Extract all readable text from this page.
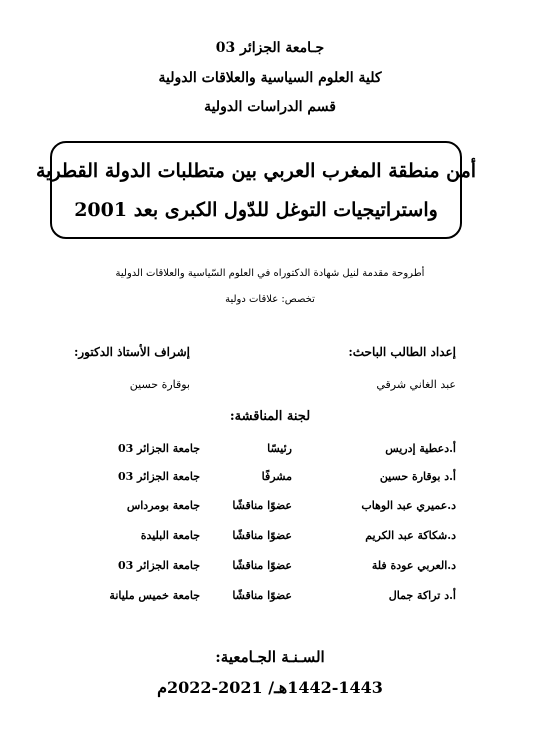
جـامعة الجزائر 03
كلية العلوم السياسية والعلاقات الدولية
قسم الدراسات الدولية
أمن منطقة المغرب العربي بين متطلبات الدولة القطرية
واستراتيجيات التوغل للدّول الكبرى بعد 2001
أطروحة مقدمة لنيل شهادة الدكتوراه في العلوم السّياسية والعلاقات الدولية
تخصص: علاقات دولية
إعداد الطالب الباحث:
إشراف الأستاذ الدكتور:
عبد الغاني شرقي
بوقارة حسين
لجنة المناقشة:
أ.دعطية إدريس
رئيسًا
جامعة الجزائر 03
أ.د بوقارة حسين
مشرفًا
جامعة الجزائر 03
د.عميري عبد الوهاب
عضوًا مناقشًا
جامعة بومرداس
د.شكاكة عبد الكريم
عضوًا مناقشًا
جامعة البليدة
د.العربي عودة فلة
عضوًا مناقشًا
جامعة الجزائر 03
أ.د تراكة جمال
عضوًا مناقشًا
جامعة خميس مليانة
السـنـة الجـامعية:
1442-1443هـ/ 2021-2022م
